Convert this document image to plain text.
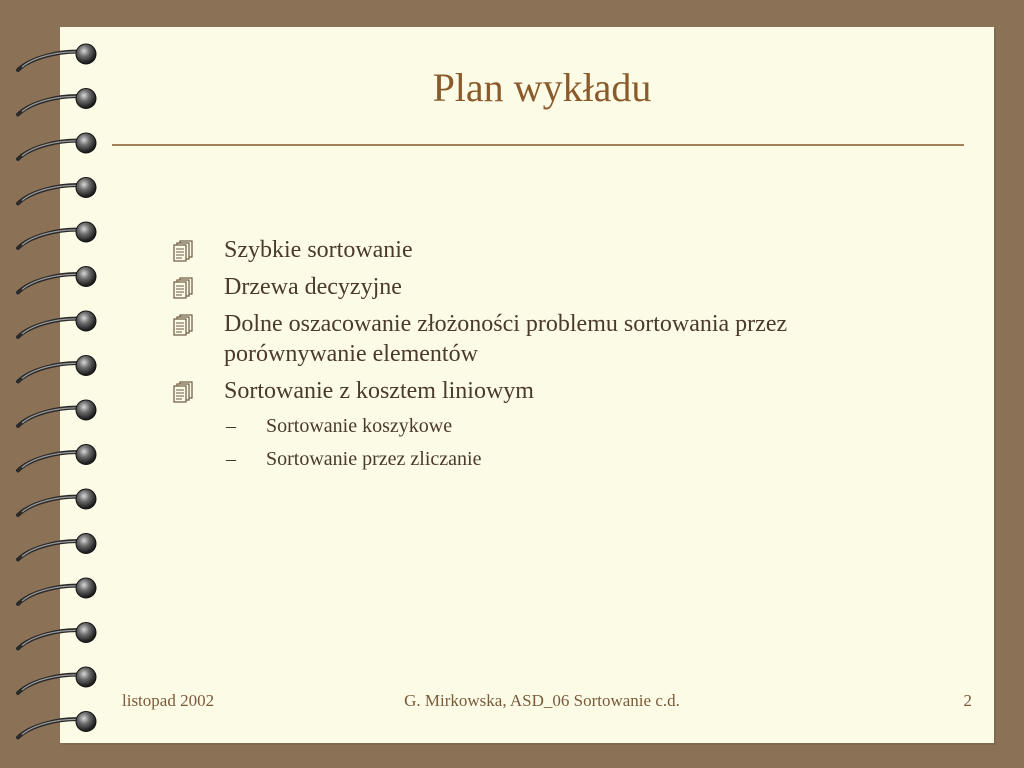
Plan wykładu
Szybkie sortowanie
Drzewa decyzyjne
Dolne oszacowanie złożoności problemu sortowania przez porównywanie elementów
Sortowanie z kosztem liniowym
– Sortowanie koszykowe
– Sortowanie przez zliczanie
listopad 2002	G. Mirkowska, ASD_06 Sortowanie c.d.	2
